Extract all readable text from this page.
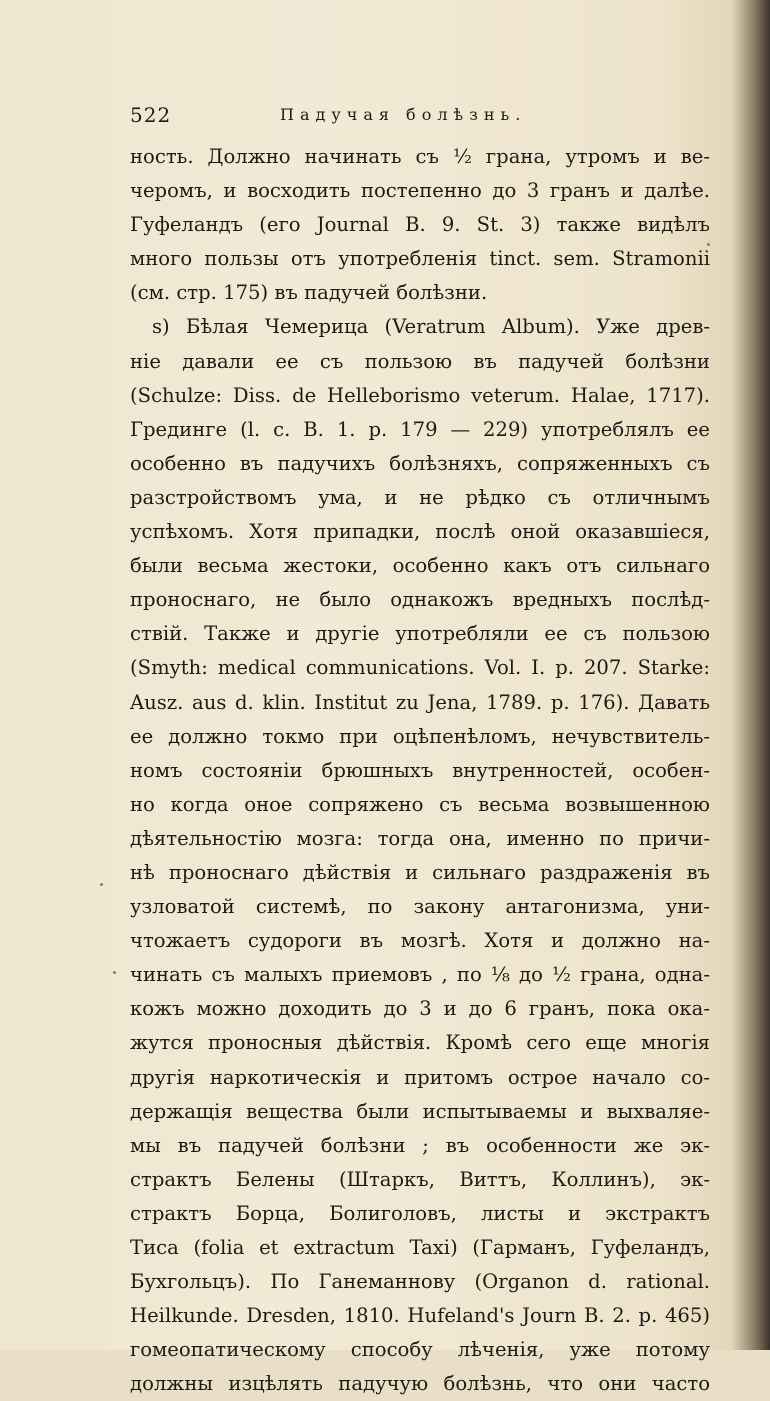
522	Падучая болѣзнь.
ность. Должно начинать съ ½ грана, утромъ и ве-
черомъ, и восходить постепенно до 3 гранъ и далѣе.
Гуфеландъ (его Journal B. 9. St. 3) также видѣлъ
много пользы отъ употребленія tinct. sem. Stramonii
(см. стр. 175) въ падучей болѣзни.
s) Бѣлая Чемерица (Veratrum Album). Уже древ-
ніе давали ее съ пользою въ падучей болѣзни
(Schulze: Diss. de Helleborismo veterum. Halae, 1717).
Грединге (l. c. B. 1. p. 179 — 229) употреблялъ ее
особенно въ падучихъ болѣзняхъ, сопряженныхъ съ
разстройствомъ ума, и не рѣдко съ отличнымъ
успѣхомъ. Хотя припадки, послѣ оной оказавшіеся,
были весьма жестоки, особенно какъ отъ сильнаго
проноснаго, не было однакожъ вредныхъ послѣд-
ствій. Также и другіе употребляли ее съ пользою
(Smyth: medical communications. Vol. I. p. 207. Starke:
Ausz. aus d. klin. Institut zu Jena, 1789. p. 176). Давать
ее должно токмо при оцѣпенѣломъ, нечувствитель-
номъ состояніи брюшныхъ внутренностей, особен-
но когда оное сопряжено съ весьма возвышенною
дѣятельностію мозга: тогда она, именно по причи-
нѣ проноснаго дѣйствія и сильнаго раздраженія въ
узловатой системѣ, по закону антагонизма, уни-
чтожаетъ судороги въ мозгѣ. Хотя и должно на-
чинать съ малыхъ приемовъ , по ⅛ до ½ грана, одна-
кожъ можно доходить до 3 и до 6 гранъ, пока ока-
жутся проносныя дѣйствія. Кромѣ сего еще многія
другія наркотическія и притомъ острое начало со-
держащія вещества были испытываемы и выхваляе-
мы въ падучей болѣзни ; въ особенности же эк-
страктъ Белены (Штаркъ, Виттъ, Коллинъ), эк-
страктъ Борца, Болиголовъ, листы и экстрактъ
Тиса (folia et extractum Taxi) (Гарманъ, Гуфеландъ,
Бухгольцъ). По Ганеманнову (Organon d. rational.
Heilkunde. Dresden, 1810. Hufeland's Journ B. 2. p. 465)
гомеопатическому способу лѣченія, уже потому
должны изцѣлять падучую болѣзнь, что они часто
